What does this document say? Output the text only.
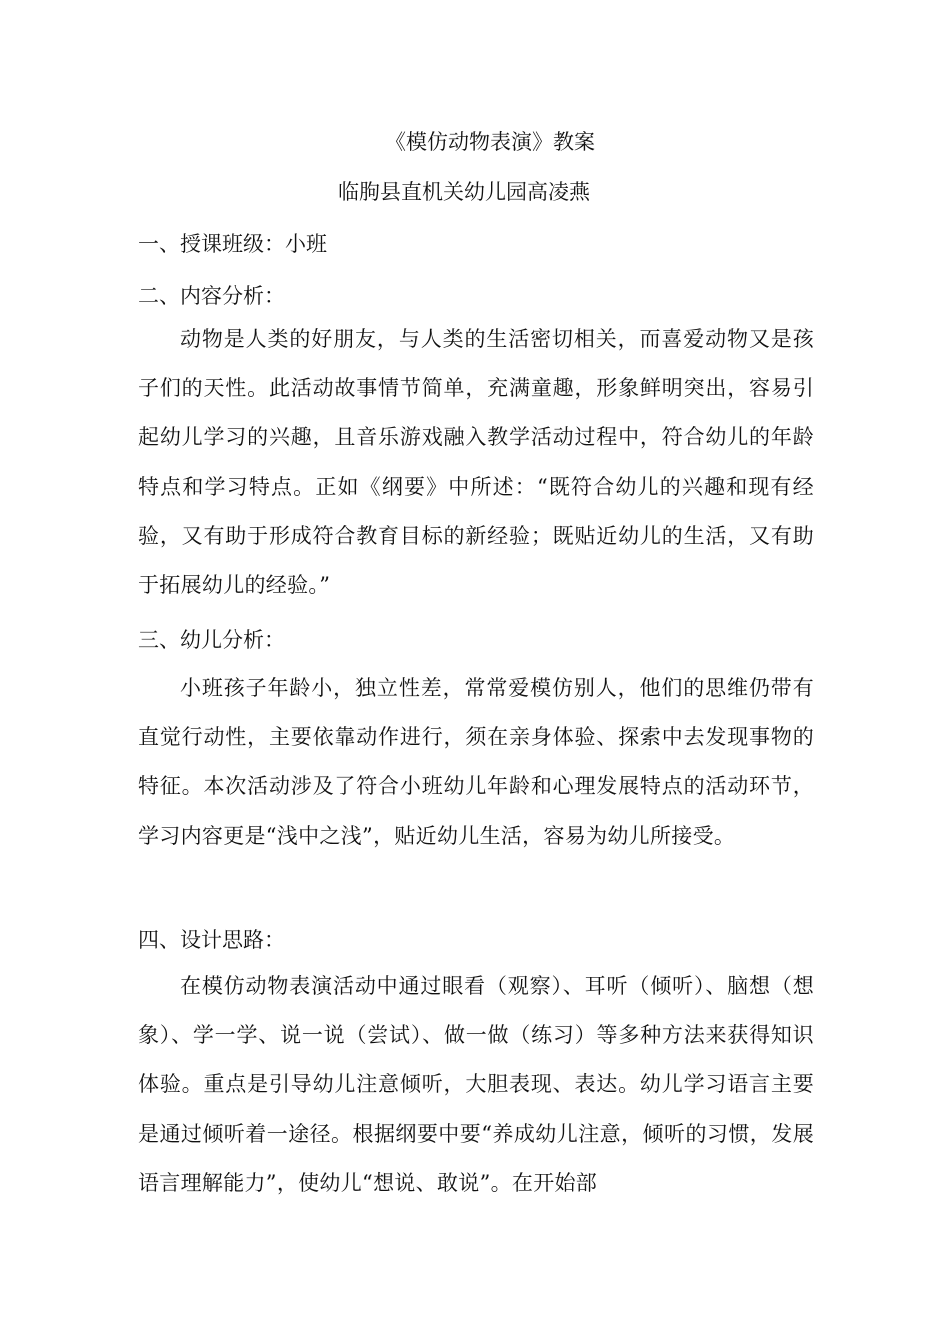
《模仿动物表演》教案
临朐县直机关幼儿园高凌燕
一、授课班级：小班
二、内容分析：

动物是人类的好朋友，与人类的生活密切相关，而喜爱动物又是孩子们的天性。此活动故事情节简单，充满童趣，形象鲜明突出，容易引起幼儿学习的兴趣，且音乐游戏融入教学活动过程中，符合幼儿的年龄特点和学习特点。正如《纲要》中所述：“既符合幼儿的兴趣和现有经验，又有助于形成符合教育目标的新经验；既贴近幼儿的生活，又有助于拓展幼儿的经验。”

三、幼儿分析：

小班孩子年龄小，独立性差，常常爱模仿别人，他们的思维仍带有直觉行动性，主要依靠动作进行，须在亲身体验、探索中去发现事物的特征。本次活动涉及了符合小班幼儿年龄和心理发展特点的活动环节，学习内容更是“浅中之浅”，贴近幼儿生活，容易为幼儿所接受。

四、设计思路：

在模仿动物表演活动中通过眼看（观察）、耳听（倾听）、脑想（想象）、学一学、说一说（尝试）、做一做（练习）等多种方法来获得知识体验。重点是引导幼儿注意倾听，大胆表现、表达。幼儿学习语言主要是通过倾听着一途径。根据纲要中要“养成幼儿注意，倾听的习惯，发展语言理解能力”，使幼儿“想说、敢说”。在开始部
